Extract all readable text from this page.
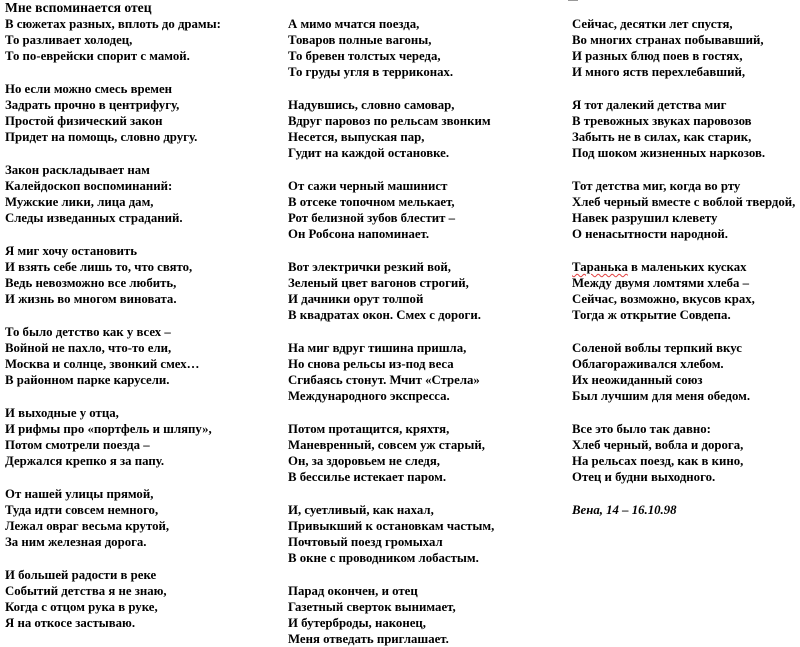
Мне вспоминается отец
В сюжетах разных, вплоть до драмы:
То разливает холодец,
То по-еврейски спорит с мамой.
Но если можно смесь времен
Задрать прочно в центрифугу,
Простой физический закон
Придет на помощь, словно другу.
Закон раскладывает нам
Калейдоскоп воспоминаний:
Мужские лики, лица дам,
Следы изведанных страданий.
Я миг хочу остановить
И взять себе лишь то, что свято,
Ведь невозможно все любить,
И жизнь во многом виновата.
То было детство как у всех –
Войной не пахло, что-то ели,
Москва и солнце, звонкий смех…
В районном парке карусели.
И выходные у отца,
И рифмы про «портфель и шляпу»,
Потом смотрели поезда –
Держался крепко я за папу.
От нашей улицы прямой,
Туда идти совсем немного,
Лежал овраг весьма крутой,
За ним железная дорога.
И большей радости в реке
Событий детства я не знаю,
Когда с отцом рука в руке,
Я на откосе застываю.
А мимо мчатся поезда,
Товаров полные вагоны,
То бревен толстых череда,
То груды угля в терриконах.
Надувшись, словно самовар,
Вдруг паровоз по рельсам звонким
Несется, выпуская пар,
Гудит на каждой остановке.
От сажи черный машинист
В отсеке топочном мелькает,
Рот белизной зубов блестит –
Он Робсона напоминает.
Вот электрички резкий вой,
Зеленый цвет вагонов строгий,
И дачники орут толпой
В квадратах окон. Смех с дороги.
На миг вдруг тишина пришла,
Но снова рельсы из-под веса
Сгибаясь стонут. Мчит «Стрела»
Международного экспресса.
Потом протащится, кряхтя,
Маневренный, совсем уж старый,
Он, за здоровьем не следя,
В бессилье истекает паром.
И, суетливый, как нахал,
Привыкший к остановкам частым,
Почтовый поезд громыхал
В окне с проводником лобастым.
Парад окончен, и отец
Газетный сверток вынимает,
И бутерброды, наконец,
Меня отведать приглашает.
Сейчас, десятки лет спустя,
Во многих странах побывавший,
И разных блюд поев в гостях,
И много яств перехлебавший,
Я тот далекий детства миг
В тревожных звуках паровозов
Забыть не в силах, как старик,
Под шоком жизненных наркозов.
Тот детства миг, когда во рту
Хлеб черный вместе с воблой твердой,
Навек разрушил клевету
О ненасытности народной.
Таранька в маленьких кусках
Между двумя ломтями хлеба –
Сейчас, возможно, вкусов крах,
Тогда ж открытие Совдепа.
Соленой воблы терпкий вкус
Облагораживался хлебом.
Их неожиданный союз
Был лучшим для меня обедом.
Все это было так давно:
Хлеб черный, вобла и дорога,
На рельсах поезд, как в кино,
Отец и будни выходного.
Вена, 14 – 16.10.98
